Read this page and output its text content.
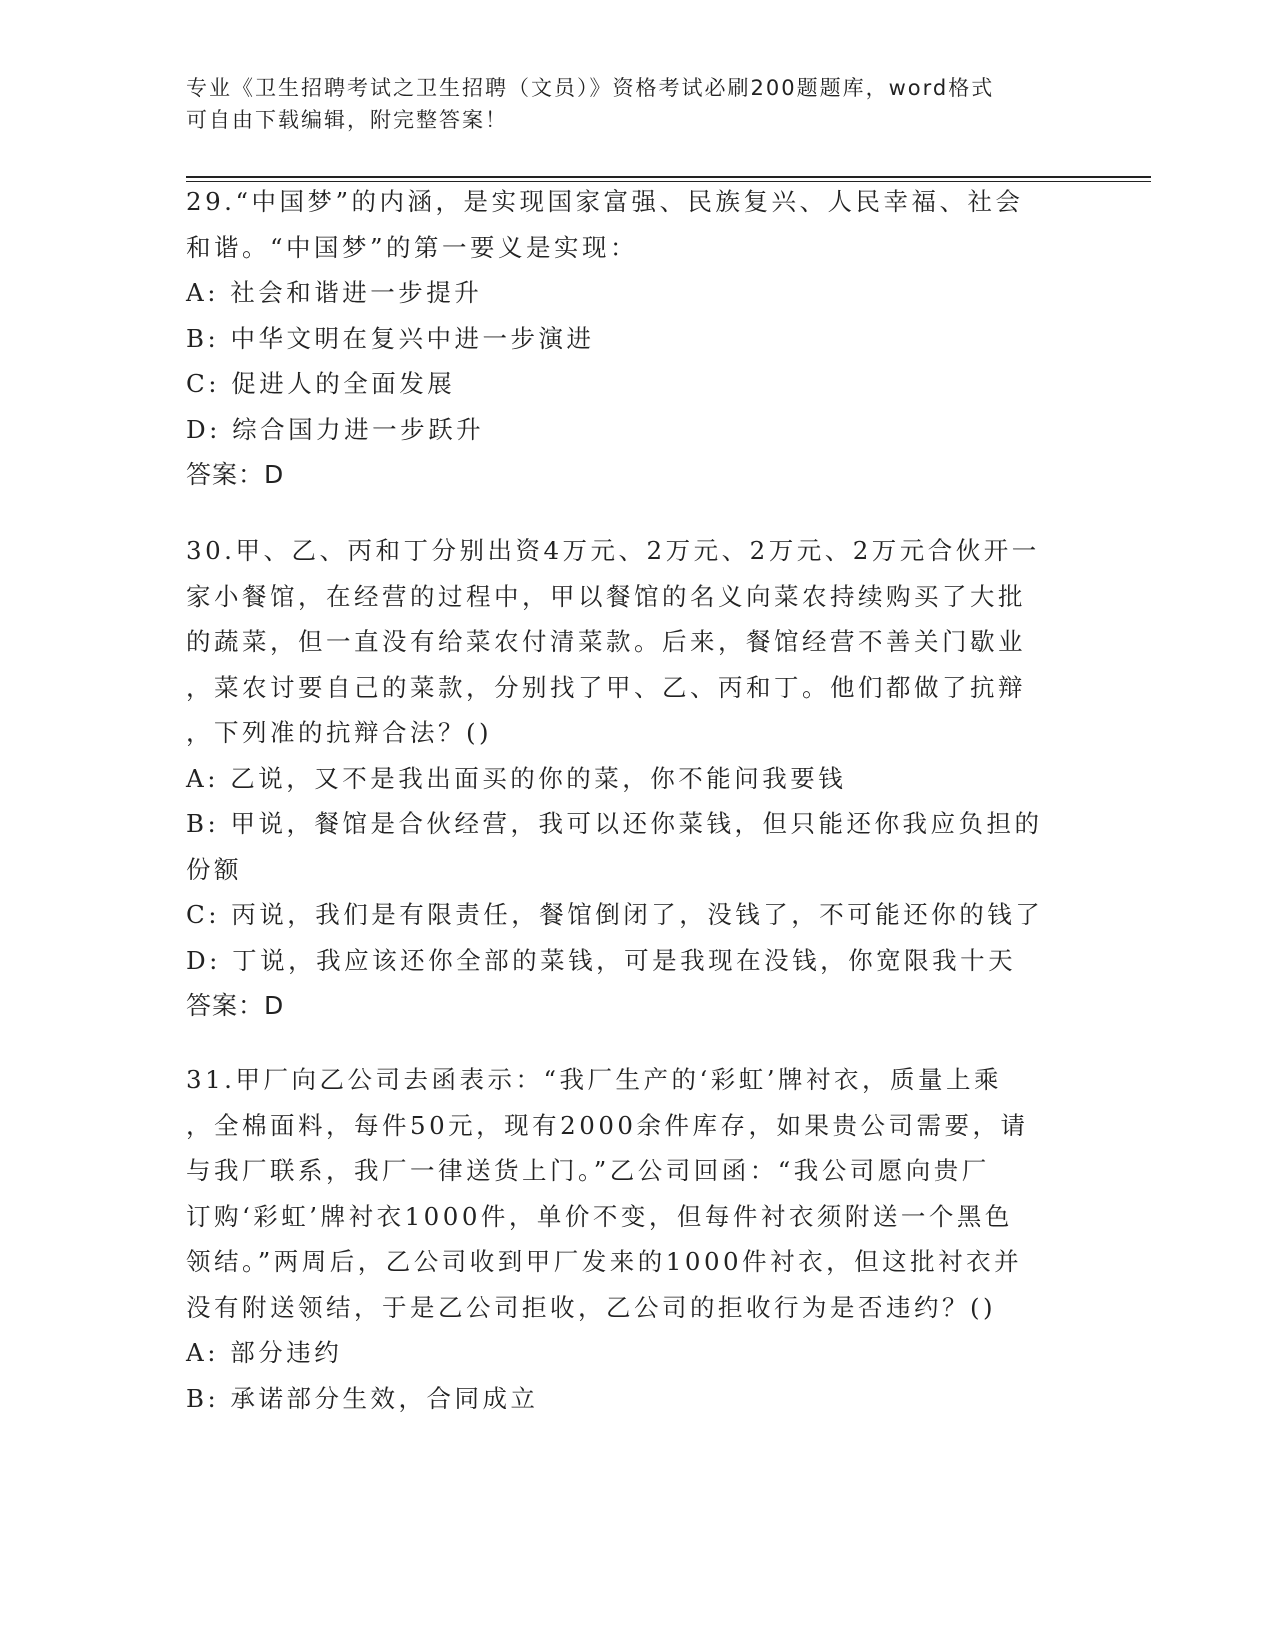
专业《卫生招聘考试之卫生招聘（文员）》资格考试必刷200题题库，word格式
可自由下载编辑，附完整答案！
29.“中国梦”的内涵，是实现国家富强、民族复兴、人民幸福、社会
和谐。“中国梦”的第一要义是实现：
A: 社会和谐进一步提升
B: 中华文明在复兴中进一步演进
C: 促进人的全面发展
D: 综合国力进一步跃升
答案：D
30.甲、乙、丙和丁分别出资4万元、2万元、2万元、2万元合伙开一
家小餐馆，在经营的过程中，甲以餐馆的名义向菜农持续购买了大批
的蔬菜，但一直没有给菜农付清菜款。后来，餐馆经营不善关门歇业
，菜农讨要自己的菜款，分别找了甲、乙、丙和丁。他们都做了抗辩
，下列准的抗辩合法？()
A: 乙说，又不是我出面买的你的菜，你不能问我要钱
B: 甲说，餐馆是合伙经营，我可以还你菜钱，但只能还你我应负担的
份额
C: 丙说，我们是有限责任，餐馆倒闭了，没钱了，不可能还你的钱了
D: 丁说，我应该还你全部的菜钱，可是我现在没钱，你宽限我十天
答案：D
31.甲厂向乙公司去函表示：“我厂生产的‘彩虹’牌衬衣，质量上乘
，全棉面料，每件50元，现有2000余件库存，如果贵公司需要，请
与我厂联系，我厂一律送货上门。”乙公司回函：“我公司愿向贵厂
订购‘彩虹’牌衬衣1000件，单价不变，但每件衬衣须附送一个黑色
领结。”两周后，乙公司收到甲厂发来的1000件衬衣，但这批衬衣并
没有附送领结，于是乙公司拒收，乙公司的拒收行为是否违约？()
A: 部分违约
B: 承诺部分生效，合同成立
